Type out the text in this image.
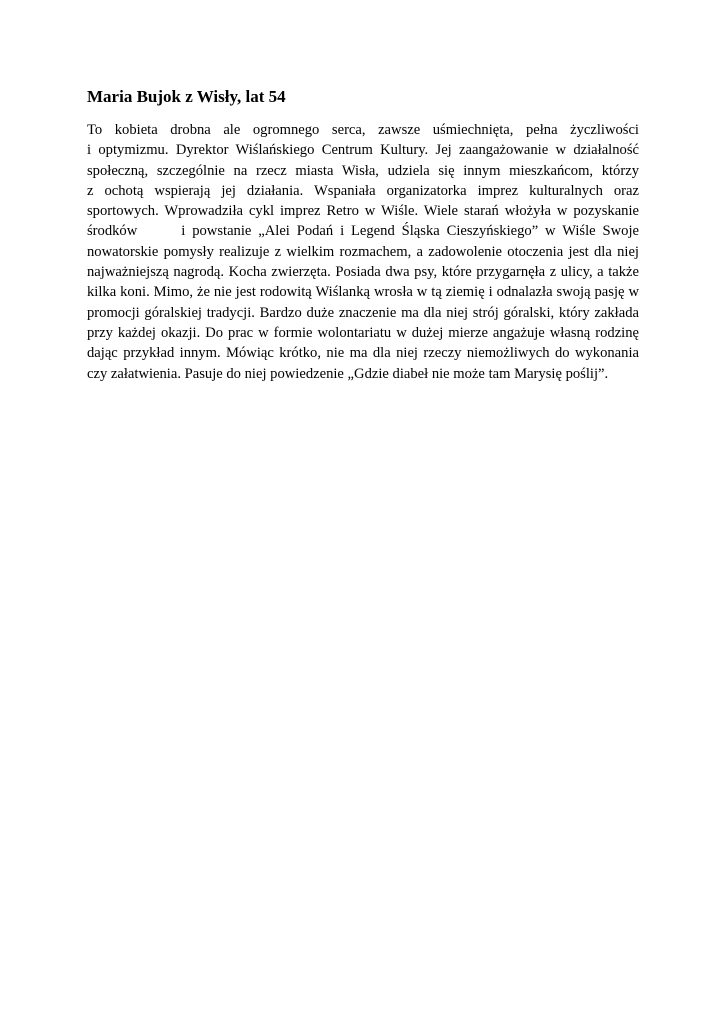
Maria Bujok z Wisły, lat 54
To kobieta drobna ale ogromnego serca, zawsze uśmiechnięta, pełna życzliwości
i optymizmu. Dyrektor Wiślańskiego Centrum Kultury. Jej zaangażowanie w działalność
społeczną, szczególnie na rzecz miasta Wisła, udziela się innym mieszkańcom, którzy
z ochotą wspierają jej działania. Wspaniała organizatorka imprez kulturalnych oraz
sportowych. Wprowadziła cykl imprez Retro w Wiśle. Wiele starań włożyła w pozyskanie
środków	i powstanie „Alei Podań i Legend Śląska Cieszyńskiego” w Wiśle Swoje
nowatorskie pomysły realizuje z wielkim rozmachem, a zadowolenie otoczenia jest dla niej
najważniejszą nagrodą. Kocha zwierzęta. Posiada dwa psy, które przygarnęła z ulicy, a także
kilka koni. Mimo, że nie jest rodowitą Wiślanką wrosła w tą ziemię i odnalazła swoją pasję w
promocji góralskiej tradycji. Bardzo duże znaczenie ma dla niej strój góralski, który zakłada
przy każdej okazji. Do prac w formie wolontariatu w dużej mierze angażuje własną rodzinę
dając przykład innym. Mówiąc krótko, nie ma dla niej rzeczy niemożliwych do wykonania
czy załatwienia. Pasuje do niej powiedzenie „Gdzie diabeł nie może tam Marysię poślij”.
